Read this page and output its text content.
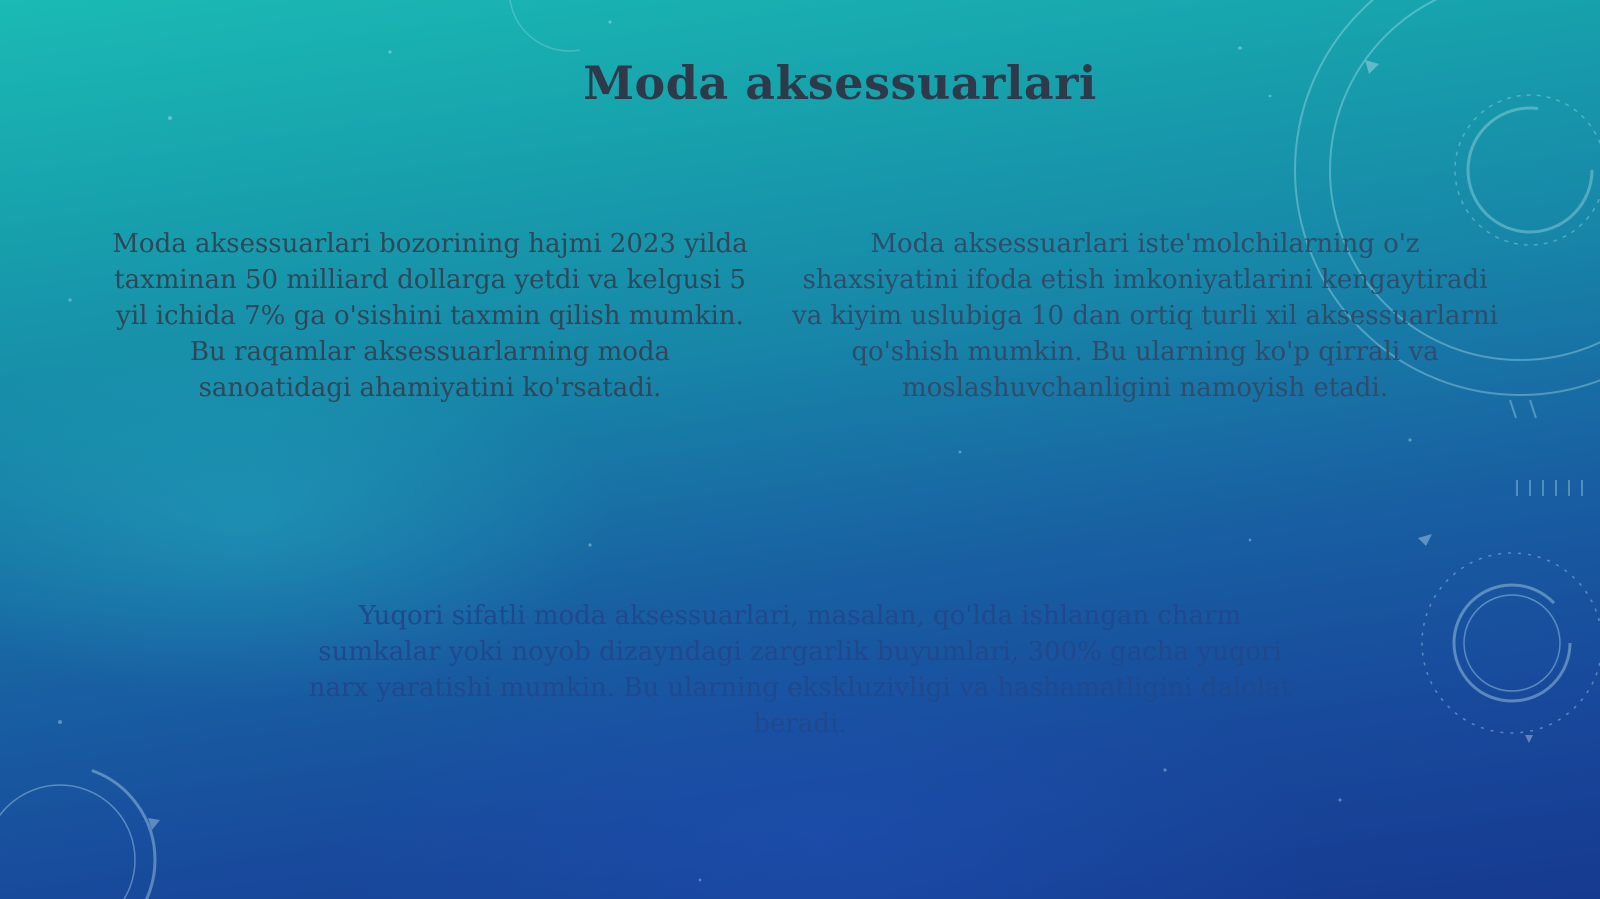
Moda aksessuarlari

Moda aksessuarlari bozorining hajmi 2023 yilda taxminan 50 milliard dollarga yetdi va kelgusi 5 yil ichida 7% ga o'sishini taxmin qilish mumkin. Bu raqamlar aksessuarlarning moda sanoatidagi ahamiyatini ko'rsatadi.

Moda aksessuarlari iste'molchilarning o'z shaxsiyatini ifoda etish imkoniyatlarini kengaytiradi va kiyim uslubiga 10 dan ortiq turli xil aksessuarlarni qo'shish mumkin. Bu ularning ko'p qirrali va moslashuvchanligini namoyish etadi.

Yuqori sifatli moda aksessuarlari, masalan, qo'lda ishlangan charm sumkalar yoki noyob dizayndagi zargarlik buyumlari, 300% gacha yuqori narx yaratishi mumkin. Bu ularning ekskluzivligi va hashamatligini dalolat beradi.
